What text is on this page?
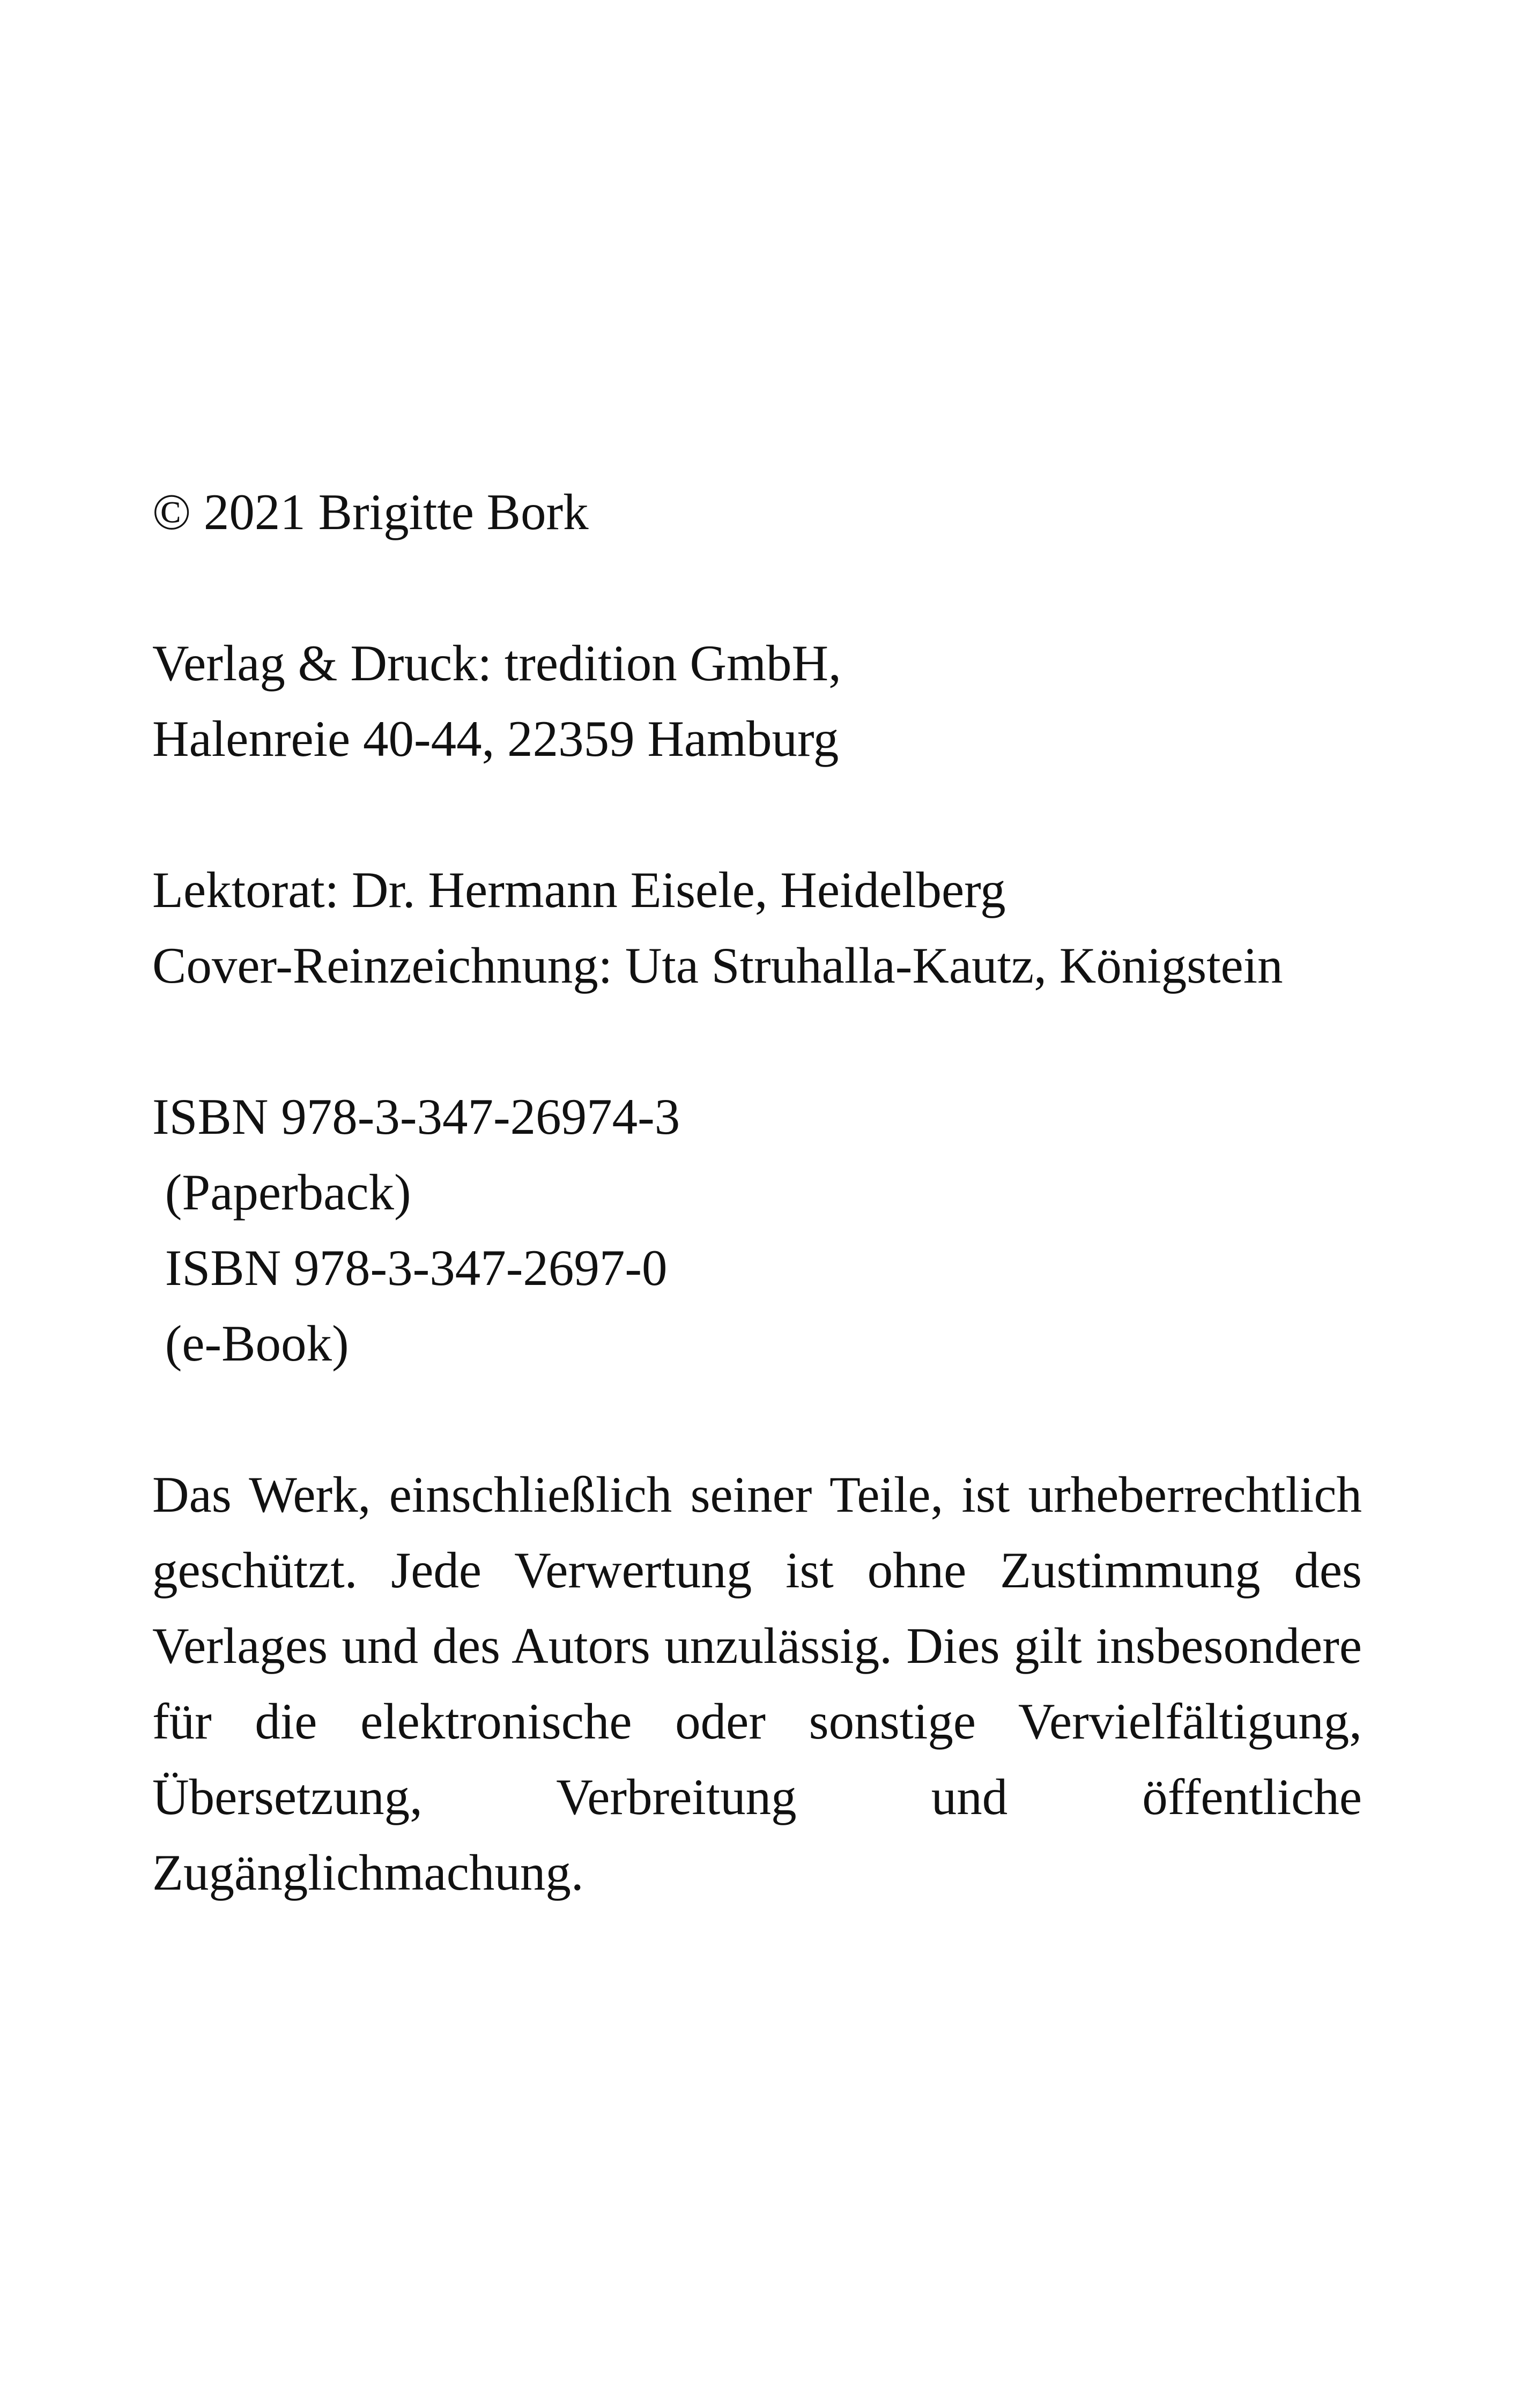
© 2021 Brigitte Bork
Verlag & Druck: tredition GmbH,
Halenreie 40-44, 22359 Hamburg
Lektorat: Dr. Hermann Eisele, Heidelberg
Cover-Reinzeichnung: Uta Struhalla-Kautz, Königstein
ISBN 978-3-347-26974-3
(Paperback)
ISBN 978-3-347-2697-0
(e-Book)

Das Werk, einschließlich seiner Teile, ist urheberrechtlich geschützt. Jede Verwertung ist ohne Zustimmung des Verlages und des Autors unzulässig. Dies gilt insbesondere für die elektronische oder sonstige Vervielfältigung, Übersetzung, Verbreitung und öffentliche Zugänglichmachung.
